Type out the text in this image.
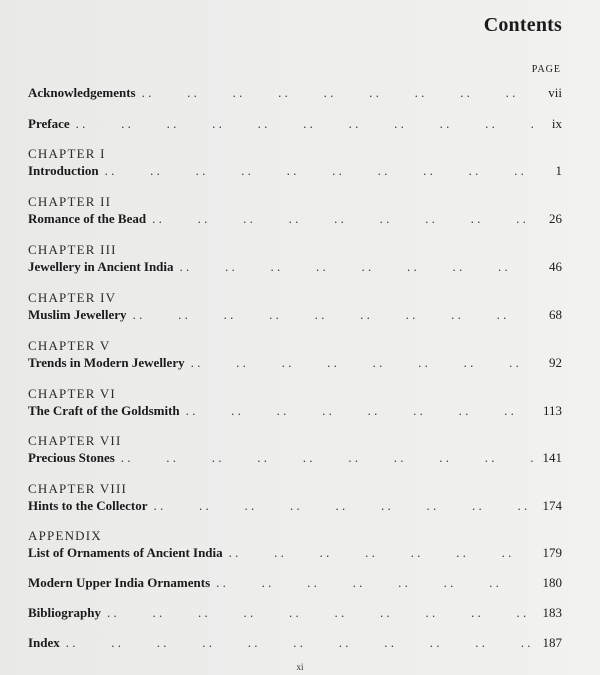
Contents
PAGE
Acknowledgements . .	vii
Preface . .	ix
CHAPTER I
Introduction . .	1
CHAPTER II
Romance of the Bead . .	26
CHAPTER III
Jewellery in Ancient India . .	46
CHAPTER IV
Muslim Jewellery . .	68
CHAPTER V
Trends in Modern Jewellery . .	92
CHAPTER VI
The Craft of the Goldsmith . .	113
CHAPTER VII
Precious Stones . .	141
CHAPTER VIII
Hints to the Collector . .	174
APPENDIX
List of Ornaments of Ancient India . .	179
Modern Upper India Ornaments . .	180
Bibliography . .	183
Index . .	187
xi
